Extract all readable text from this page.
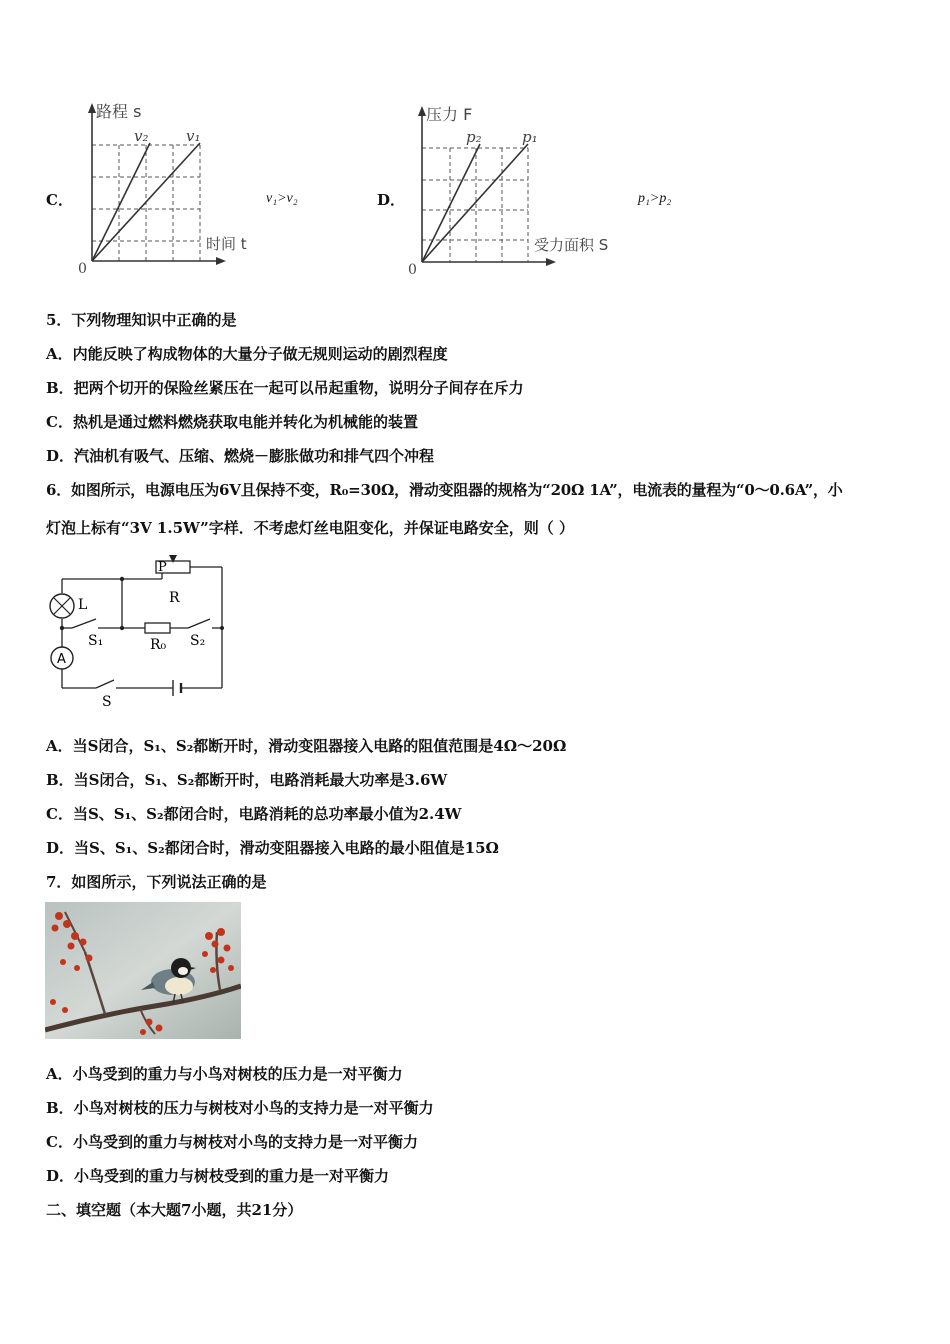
C．
路程 s
时间 t
0
v₂	v₁
v₁>v₂	D．
压力 F
受力面积 S
0
p₂	p₁
p₁>p₂
5．下列物理知识中正确的是
A．内能反映了构成物体的大量分子做无规则运动的剧烈程度
B．把两个切开的保险丝紧压在一起可以吊起重物，说明分子间存在斥力
C．热机是通过燃料燃烧获取电能并转化为机械能的装置
D．汽油机有吸气、压缩、燃烧－膨胀做功和排气四个冲程
6．如图所示，电源电压为6V且保持不变，R₀=30Ω，滑动变阻器的规格为“20Ω 1A”，电流表的量程为“0～0.6A”，小
灯泡上标有“3V 1.5W”字样．不考虑灯丝电阻变化，并保证电路安全，则（ ）
A
P
R
R₀
L
S₁	S₂
S
A．当S闭合，S₁、S₂都断开时，滑动变阻器接入电路的阻值范围是4Ω～20Ω
B．当S闭合，S₁、S₂都断开时，电路消耗最大功率是3.6W
C．当S、S₁、S₂都闭合时，电路消耗的总功率最小值为2.4W
D．当S、S₁、S₂都闭合时，滑动变阻器接入电路的最小阻值是15Ω
7．如图所示，下列说法正确的是
A．小鸟受到的重力与小鸟对树枝的压力是一对平衡力
B．小鸟对树枝的压力与树枝对小鸟的支持力是一对平衡力
C．小鸟受到的重力与树枝对小鸟的支持力是一对平衡力
D．小鸟受到的重力与树枝受到的重力是一对平衡力
二、填空题（本大题7小题，共21分）
